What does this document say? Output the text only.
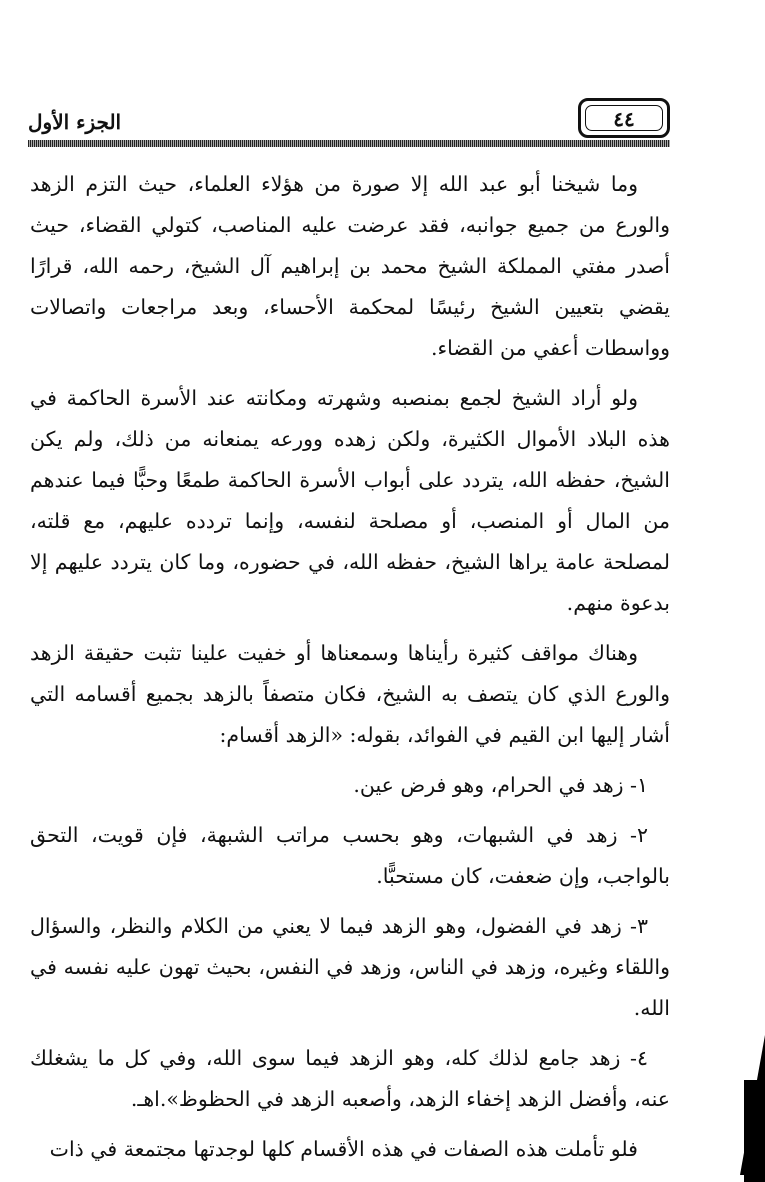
٤٤
الجزء الأول

وما شيخنا أبو عبد الله إلا صورة من هؤلاء العلماء، حيث التزم الزهد والورع من جميع جوانبه، فقد عرضت عليه المناصب، كتولي القضاء، حيث أصدر مفتي المملكة الشيخ محمد بن إبراهيم آل الشيخ، رحمه الله، قرارًا يقضي بتعيين الشيخ رئيسًا لمحكمة الأحساء، وبعد مراجعات واتصالات وواسطات أعفي من القضاء.

ولو أراد الشيخ لجمع بمنصبه وشهرته ومكانته عند الأسرة الحاكمة في هذه البلاد الأموال الكثيرة، ولكن زهده وورعه يمنعانه من ذلك، ولم يكن الشيخ، حفظه الله، يتردد على أبواب الأسرة الحاكمة طمعًا وحبًّا فيما عندهم من المال أو المنصب، أو مصلحة لنفسه، وإنما تردده عليهم، مع قلته، لمصلحة عامة يراها الشيخ، حفظه الله، في حضوره، وما كان يتردد عليهم إلا بدعوة منهم.

وهناك مواقف كثيرة رأيناها وسمعناها أو خفيت علينا تثبت حقيقة الزهد والورع الذي كان يتصف به الشيخ، فكان متصفاً بالزهد بجميع أقسامه التي أشار إليها ابن القيم في الفوائد، بقوله: «الزهد أقسام:

١- زهد في الحرام، وهو فرض عين.

٢- زهد في الشبهات، وهو بحسب مراتب الشبهة، فإن قويت، التحق بالواجب، وإن ضعفت، كان مستحبًّا.

٣- زهد في الفضول، وهو الزهد فيما لا يعني من الكلام والنظر، والسؤال واللقاء وغيره، وزهد في الناس، وزهد في النفس، بحيث تهون عليه نفسه في الله.

٤- زهد جامع لذلك كله، وهو الزهد فيما سوى الله، وفي كل ما يشغلك عنه، وأفضل الزهد إخفاء الزهد، وأصعبه الزهد في الحظوظ».اهـ.

فلو تأملت هذه الصفات في هذه الأقسام كلها لوجدتها مجتمعة في ذات
